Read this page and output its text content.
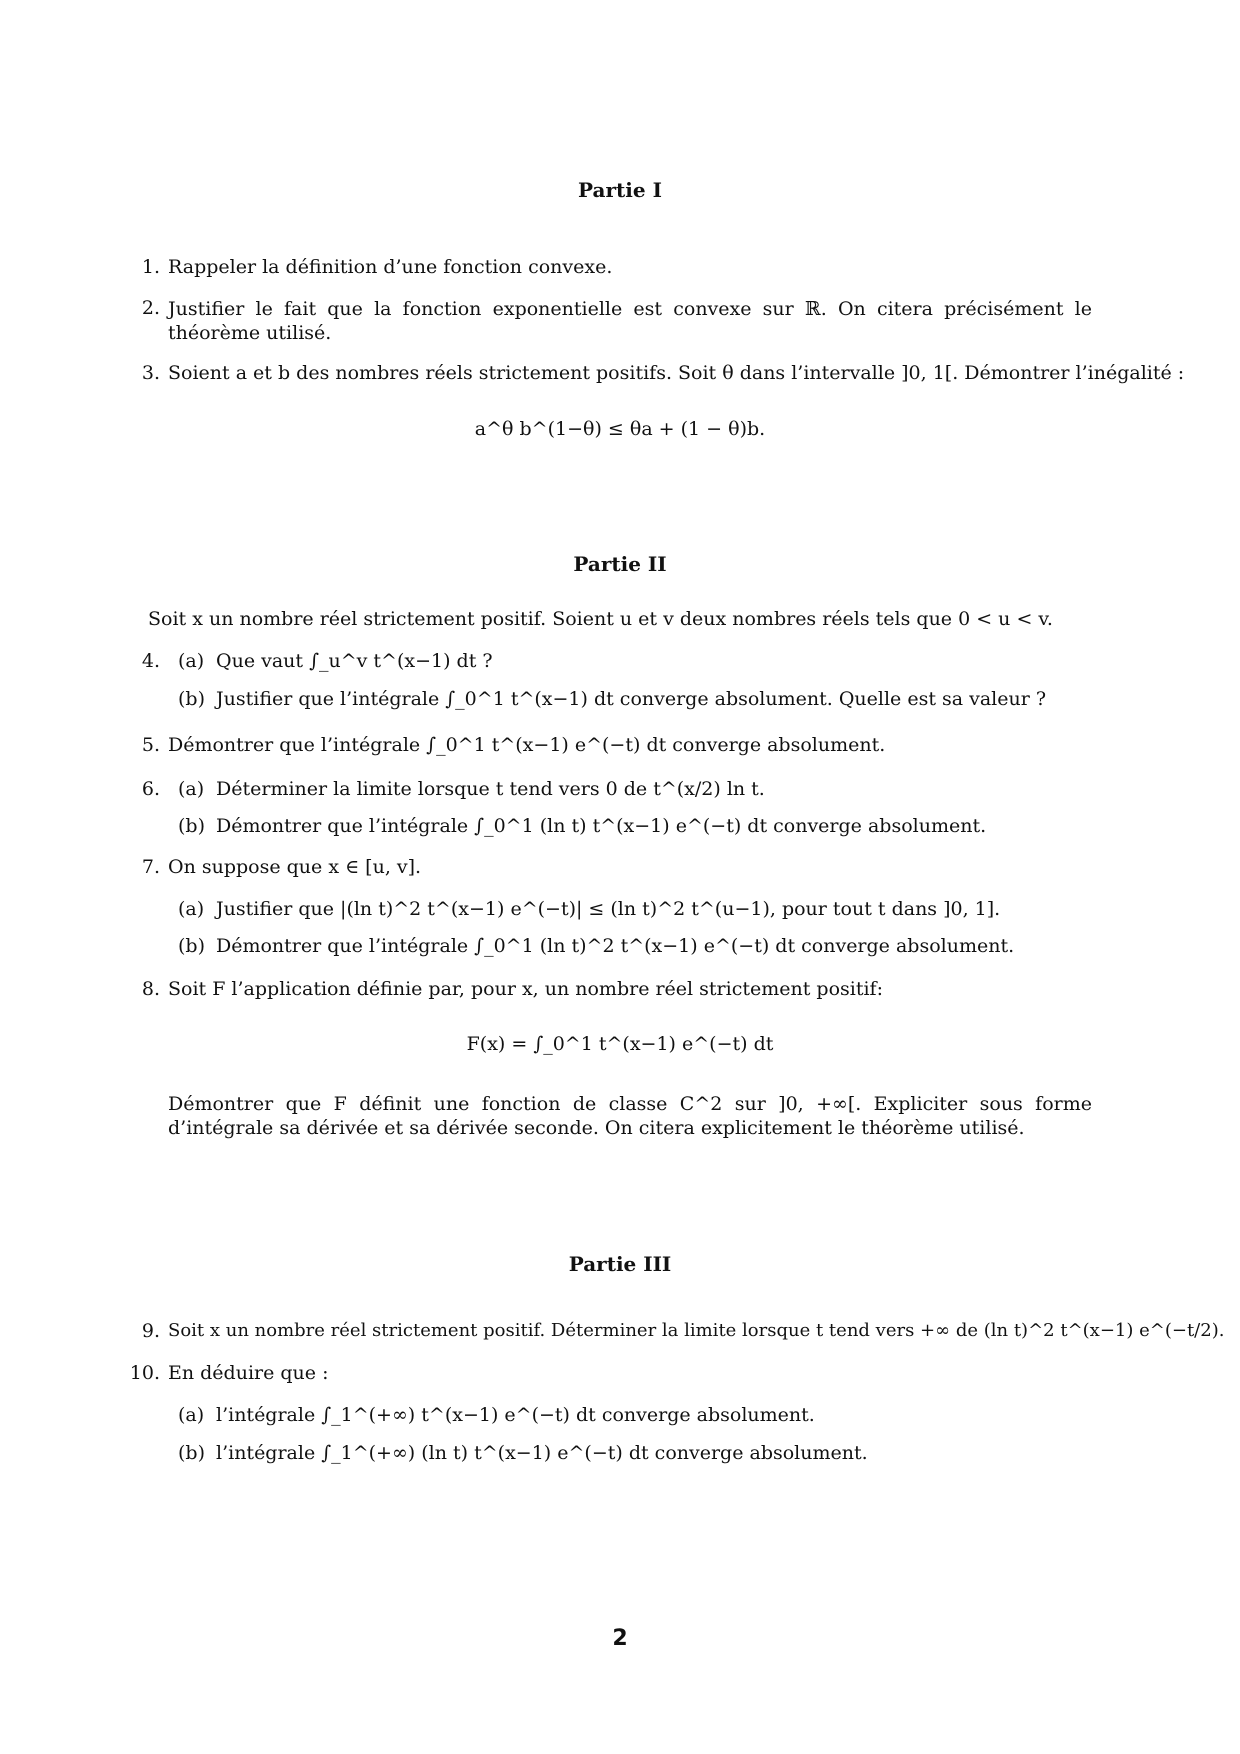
Partie I
1. Rappeler la définition d’une fonction convexe.
2. Justifier le fait que la fonction exponentielle est convexe sur ℝ. On citera précisément le théorème utilisé.
3. Soient a et b des nombres réels strictement positifs. Soit θ dans l’intervalle ]0, 1[. Démontrer l’inégalité :
a^θ b^(1−θ) ≤ θa + (1 − θ)b.
Partie II
Soit x un nombre réel strictement positif. Soient u et v deux nombres réels tels que 0 < u < v.
4. (a) Que vaut ∫_u^v t^(x−1) dt ?
(b) Justifier que l’intégrale ∫_0^1 t^(x−1) dt converge absolument. Quelle est sa valeur ?
5. Démontrer que l’intégrale ∫_0^1 t^(x−1) e^(−t) dt converge absolument.
6. (a) Déterminer la limite lorsque t tend vers 0 de t^(x/2) ln t.
(b) Démontrer que l’intégrale ∫_0^1 (ln t) t^(x−1) e^(−t) dt converge absolument.
7. On suppose que x ∈ [u, v].
(a) Justifier que |(ln t)^2 t^(x−1) e^(−t)| ≤ (ln t)^2 t^(u−1), pour tout t dans ]0, 1].
(b) Démontrer que l’intégrale ∫_0^1 (ln t)^2 t^(x−1) e^(−t) dt converge absolument.
8. Soit F l’application définie par, pour x, un nombre réel strictement positif:
F(x) = ∫_0^1 t^(x−1) e^(−t) dt
Démontrer que F définit une fonction de classe C^2 sur ]0, +∞[. Expliciter sous forme d’intégrale sa dérivée et sa dérivée seconde. On citera explicitement le théorème utilisé.
Partie III
9. Soit x un nombre réel strictement positif. Déterminer la limite lorsque t tend vers +∞ de (ln t)^2 t^(x−1) e^(−t/2).
10. En déduire que :
(a) l’intégrale ∫_1^(+∞) t^(x−1) e^(−t) dt converge absolument.
(b) l’intégrale ∫_1^(+∞) (ln t) t^(x−1) e^(−t) dt converge absolument.
2
